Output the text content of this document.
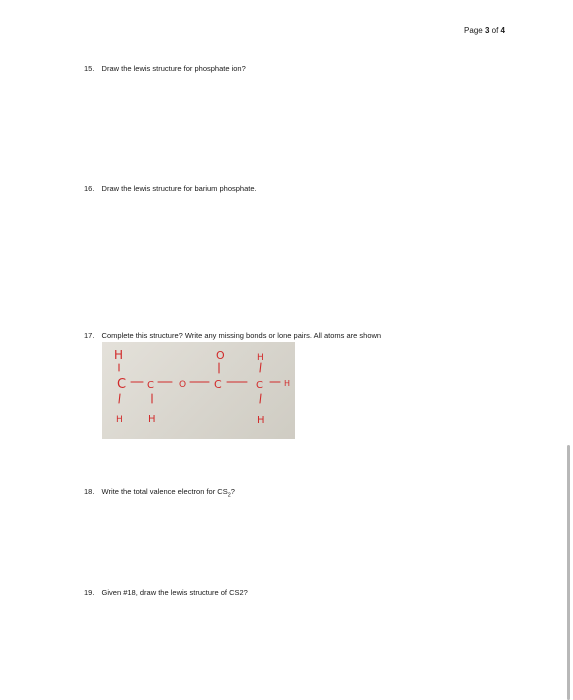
Page 3 of 4
15. Draw the lewis structure for phosphate ion?
16. Draw the lewis structure for barium phosphate.
17. Complete this structure? Write any missing bonds or lone pairs. All atoms are shown
H	O	H
C C	O	C	C	H
H	H	H
18. Write the total valence electron for $CS_2$?
19. Given #18, draw the lewis structure of CS2?
